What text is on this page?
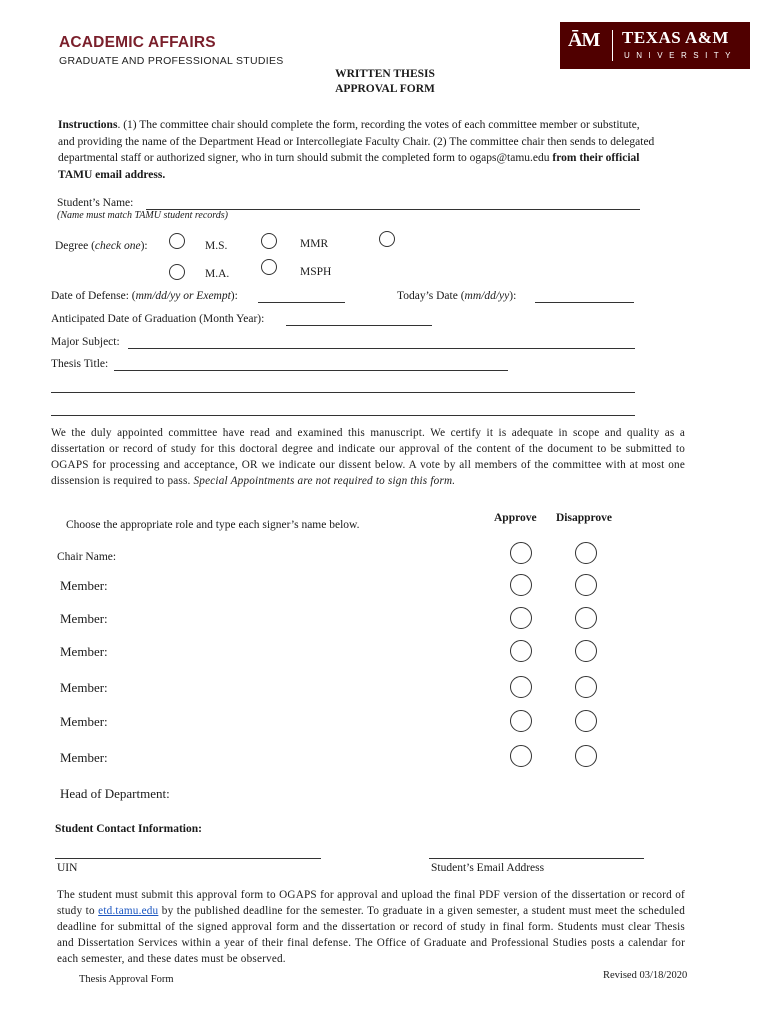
ACADEMIC AFFAIRS
GRADUATE AND PROFESSIONAL STUDIES
ĀM TEXAS A&M
UNIVERSITY
WRITTEN THESIS
APPROVAL FORM
Instructions. (1) The committee chair should complete the form, recording the votes of each committee member or substitute, and providing the name of the Department Head or Intercollegiate Faculty Chair. (2) The committee chair then sends to delegated departmental staff or authorized signer, who in turn should submit the completed form to ogaps@tamu.edu from their official TAMU email address.
Student’s Name:
(Name must match TAMU student records)
Degree (check one):	M.S.	MMR
M.A.	MSPH
Date of Defense: (mm/dd/yy or Exempt):	Today’s Date (mm/dd/yy):
Anticipated Date of Graduation (Month Year):
Major Subject:
Thesis Title:
We the duly appointed committee have read and examined this manuscript. We certify it is adequate in scope and quality as a dissertation or record of study for this doctoral degree and indicate our approval of the content of the document to be submitted to OGAPS for processing and acceptance, OR we indicate our dissent below. A vote by all members of the committee with at most one dissension is required to pass. Special Appointments are not required to sign this form.
Choose the appropriate role and type each signer’s name below.
Approve Disapprove
Chair Name:
Member:
Member:
Member:
Member:
Member:
Member:
Head of Department:
Student Contact Information:
UIN	Student’s Email Address
The student must submit this approval form to OGAPS for approval and upload the final PDF version of the dissertation or record of study to etd.tamu.edu by the published deadline for the semester. To graduate in a given semester, a student must meet the scheduled deadline for submittal of the signed approval form and the dissertation or record of study in final form. Students must clear Thesis and Dissertation Services within a year of their final defense. The Office of Graduate and Professional Studies posts a calendar for each semester, and these dates must be observed.
Thesis Approval Form	Revised 03/18/2020
